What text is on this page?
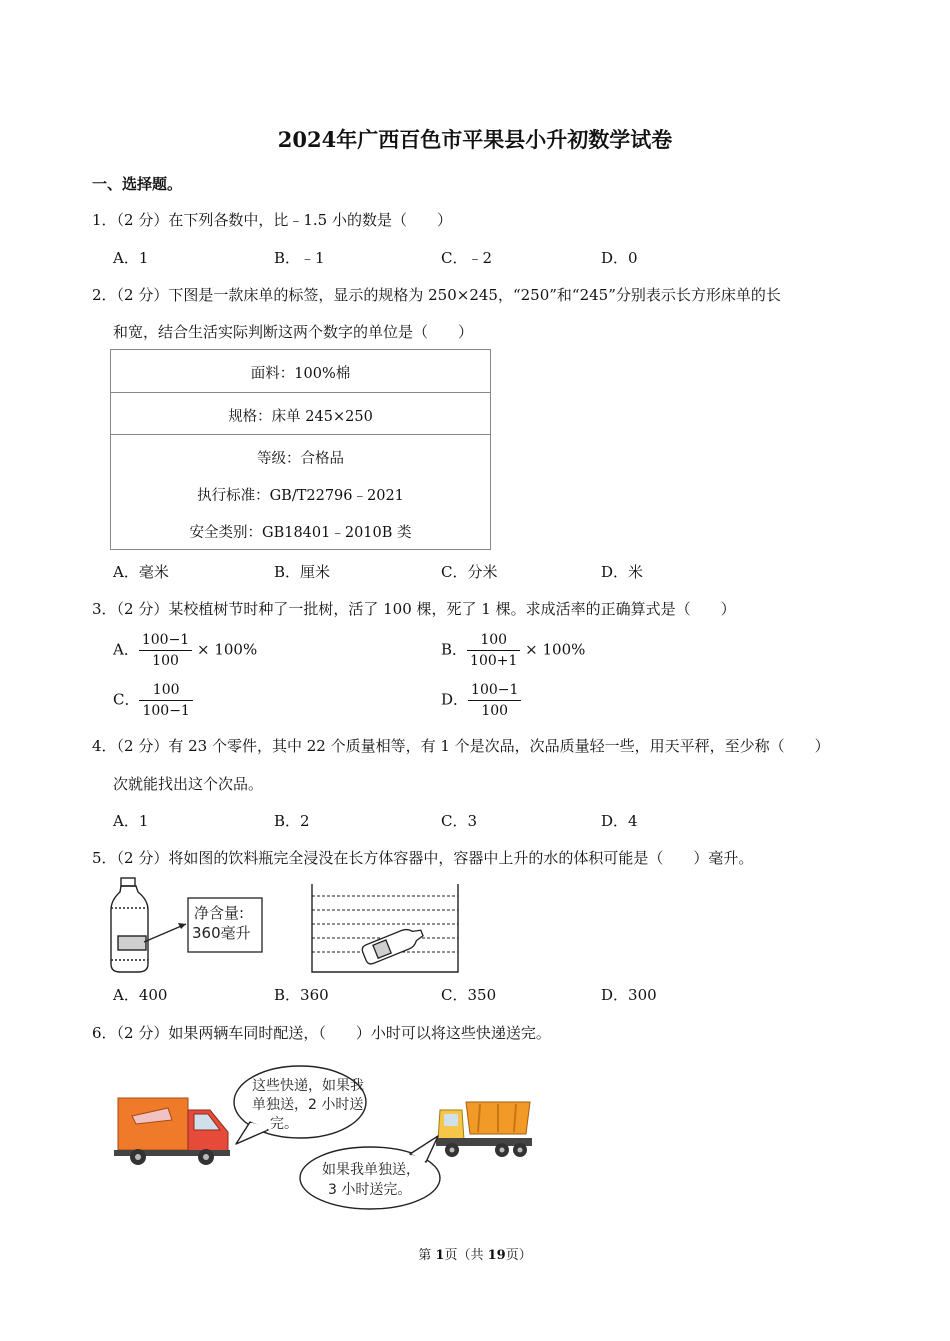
2024年广西百色市平果县小升初数学试卷
一、选择题。
1．（2 分）在下列各数中，比﹣1.5 小的数是（　　）
A．1	B．﹣1	C．﹣2	D．0
2．（2 分）下图是一款床单的标签，显示的规格为 250×245，“250”和“245”分别表示长方形床单的长
和宽，结合生活实际判断这两个数字的单位是（　　）
面料：100%棉
规格：床单 245×250
等级：合格品
执行标准：GB/T22796﹣2021
安全类别：GB18401﹣2010B 类
A．毫米	B．厘米	C．分米	D．米
3．（2 分）某校植树节时种了一批树，活了 100 棵，死了 1 棵。求成活率的正确算式是（　　）
A． $\frac{100-1}{100} \times 100\%$	B． $\frac{100}{100+1} \times 100\%$
C． $\frac{100}{100-1}$	D． $\frac{100-1}{100}$
4．（2 分）有 23 个零件，其中 22 个质量相等，有 1 个是次品，次品质量轻一些，用天平秤，至少称（　　）
次就能找出这个次品。
A．1	B．2	C．3	D．4
5．（2 分）将如图的饮料瓶完全浸没在长方体容器中，容器中上升的水的体积可能是（　　）毫升。
净含量:
360毫升
A．400	B．360	C．350	D．300
6．（2 分）如果两辆车同时配送，（　　）小时可以将这些快递送完。
这些快递，如果我
单独送，2 小时送
完。
如果我单独送，
3 小时送完。
第 1页（共 19页）
